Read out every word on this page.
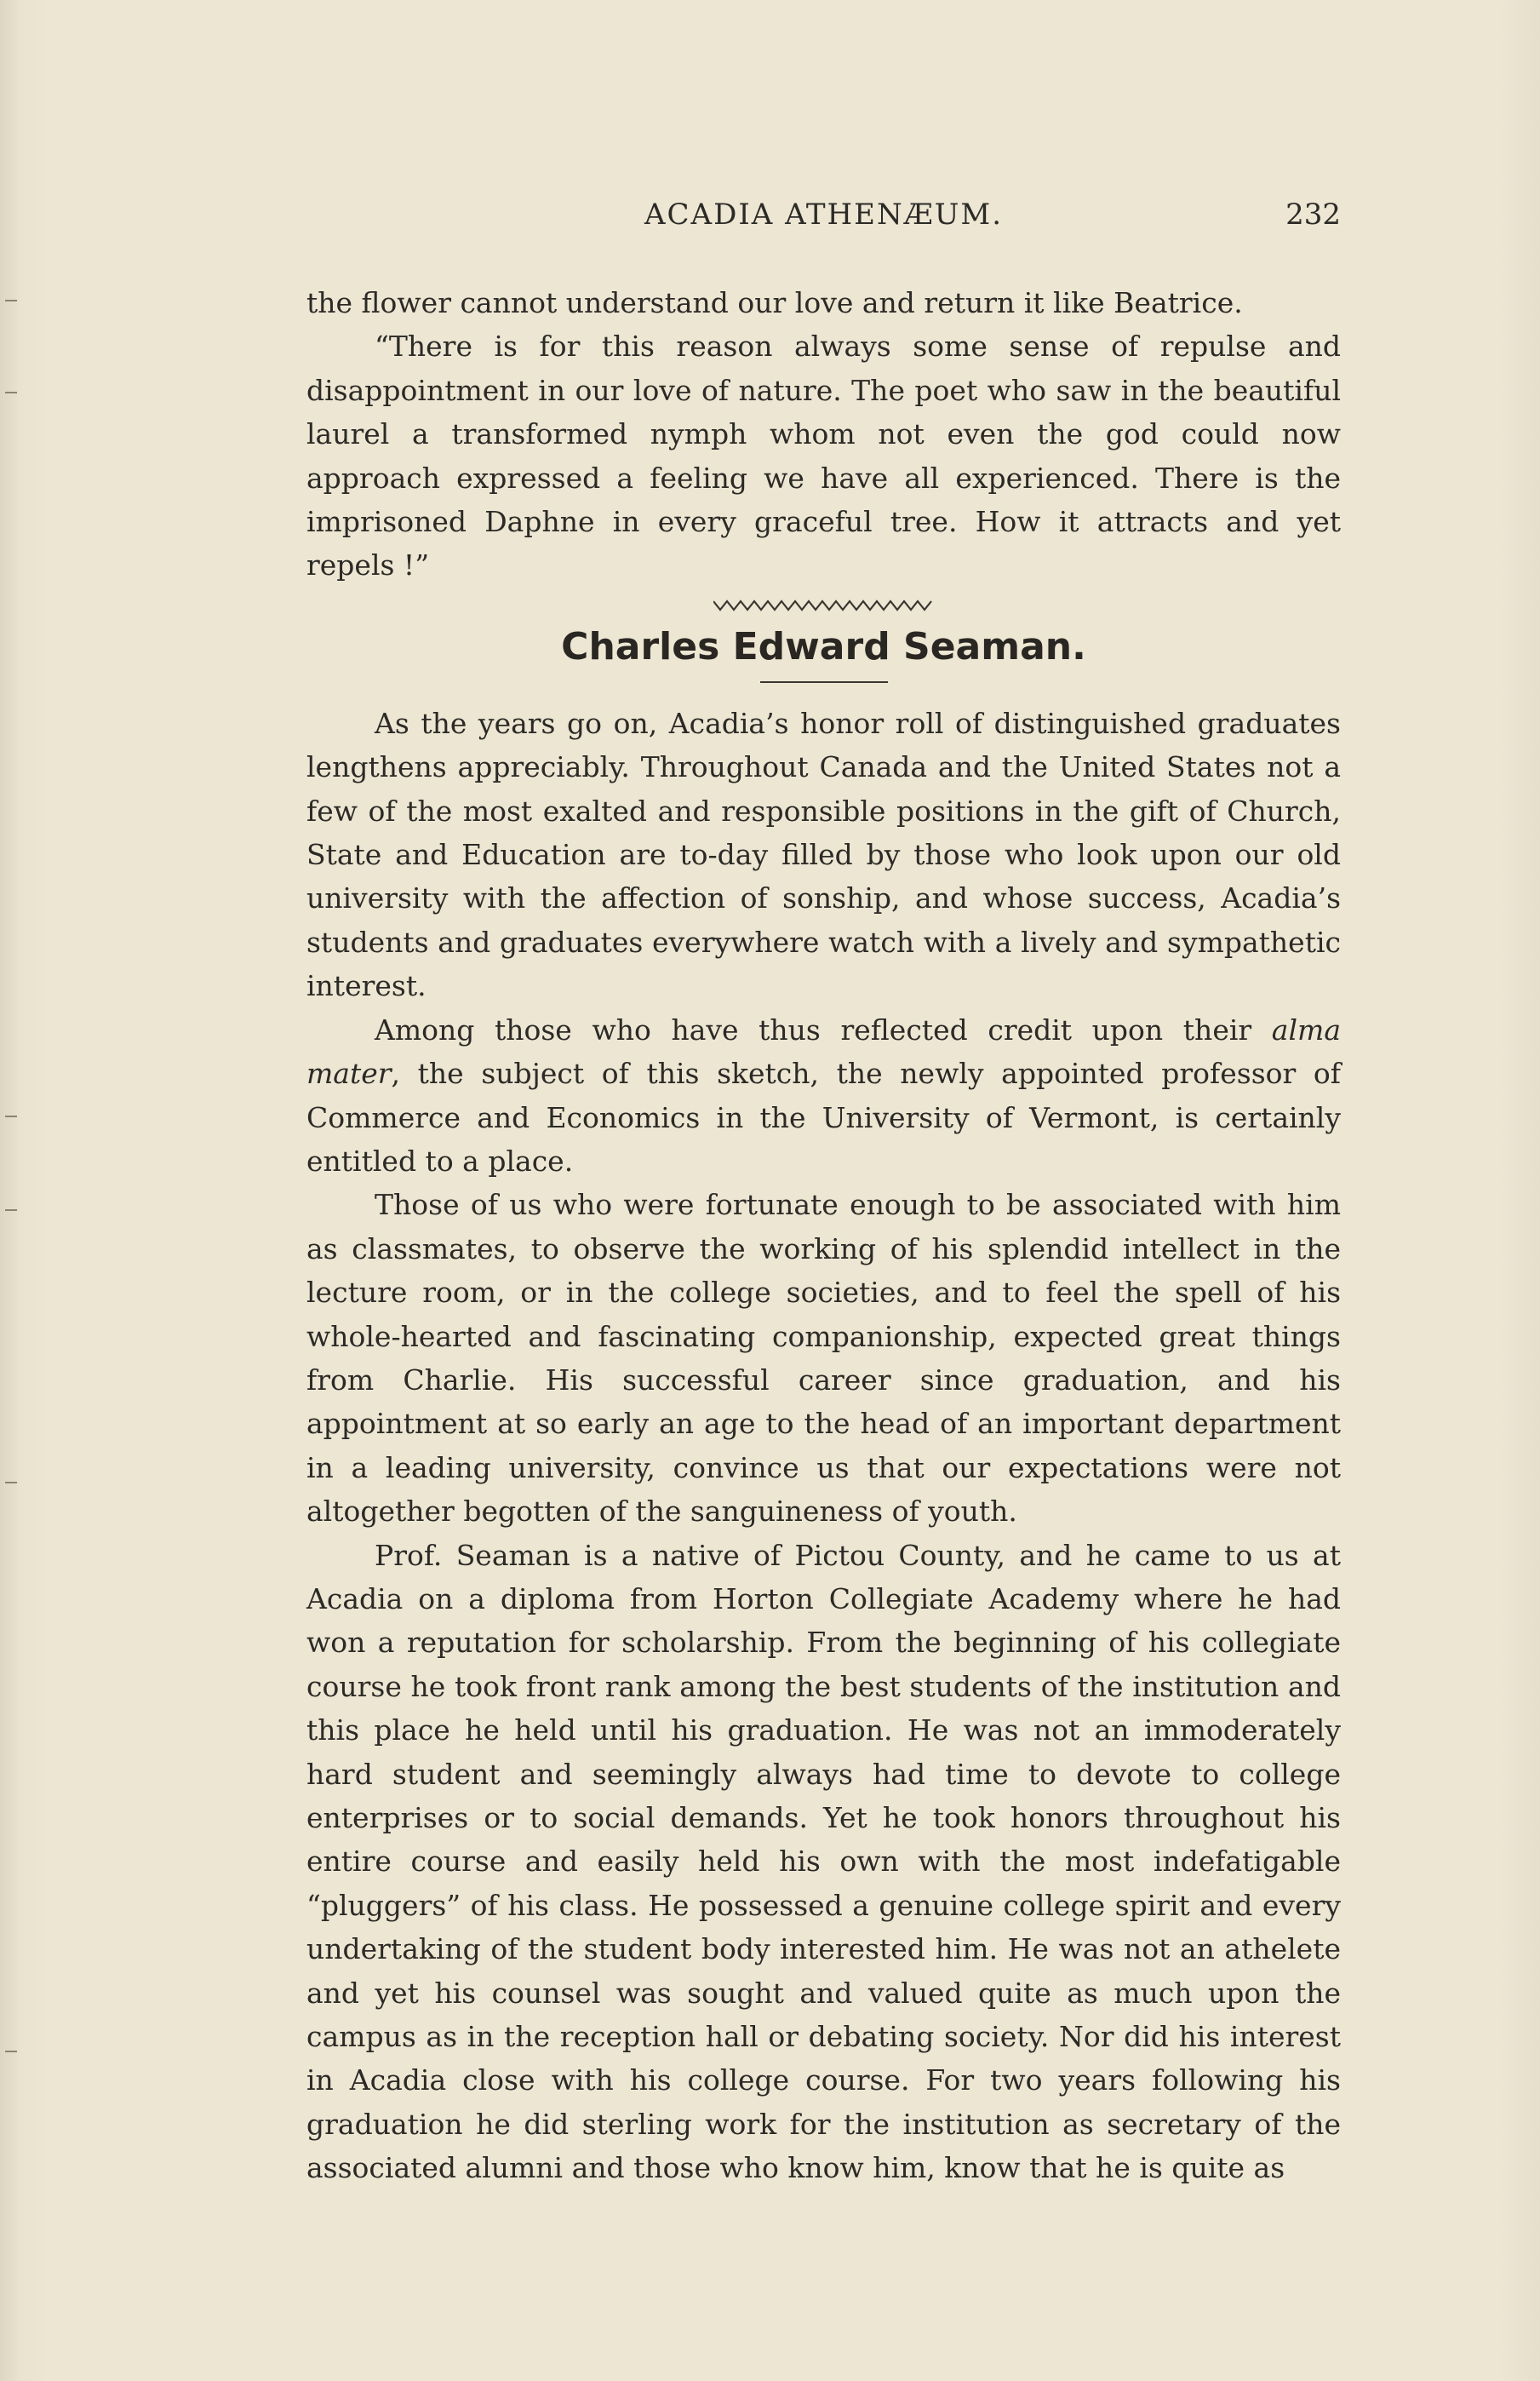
ACADIA ATHENÆUM.	232

the flower cannot understand our love and return it like Beatrice.

“There is for this reason always some sense of repulse and disappointment in our love of nature. The poet who saw in the beautiful laurel a transformed nymph whom not even the god could now approach expressed a feeling we have all experienced. There is the imprisoned Daphne in every graceful tree. How it attracts and yet repels !”

Charles Edward Seaman.

As the years go on, Acadia’s honor roll of distinguished graduates lengthens appreciably. Throughout Canada and the United States not a few of the most exalted and responsible positions in the gift of Church, State and Education are to-day filled by those who look upon our old university with the affection of sonship, and whose success, Acadia’s students and graduates everywhere watch with a lively and sympathetic interest.

Among those who have thus reflected credit upon their alma mater, the subject of this sketch, the newly appointed professor of Commerce and Economics in the University of Vermont, is certainly entitled to a place.

Those of us who were fortunate enough to be associated with him as classmates, to observe the working of his splendid intellect in the lecture room, or in the college societies, and to feel the spell of his whole-hearted and fascinating companionship, expected great things from Charlie. His successful career since graduation, and his appointment at so early an age to the head of an important department in a leading university, convince us that our expectations were not altogether begotten of the sanguineness of youth.

Prof. Seaman is a native of Pictou County, and he came to us at Acadia on a diploma from Horton Collegiate Academy where he had won a reputation for scholarship. From the beginning of his collegiate course he took front rank among the best students of the institution and this place he held until his graduation. He was not an immoderately hard student and seemingly always had time to devote to college enterprises or to social demands. Yet he took honors throughout his entire course and easily held his own with the most indefatigable “pluggers” of his class. He possessed a genuine college spirit and every undertaking of the student body interested him. He was not an athelete and yet his counsel was sought and valued quite as much upon the campus as in the reception hall or debating society. Nor did his interest in Acadia close with his college course. For two years following his graduation he did sterling work for the institution as secretary of the associated alumni and those who know him, know that he is quite as
